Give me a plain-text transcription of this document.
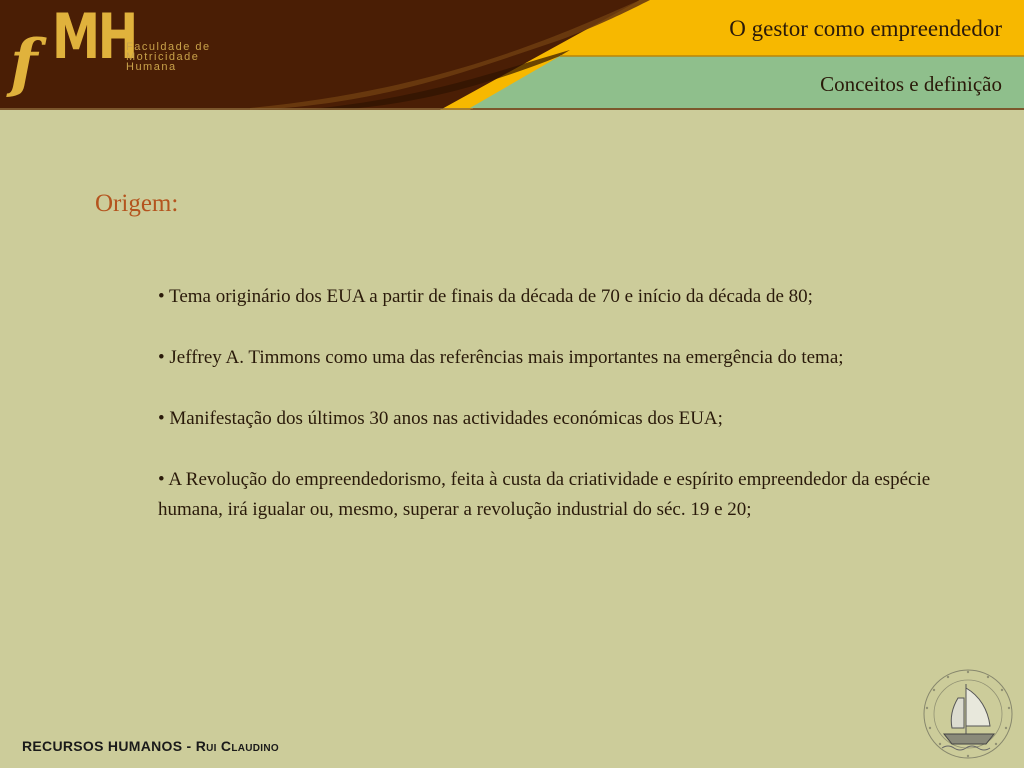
f MH
Faculdade de
Motricidade
Humana
O gestor como empreendedor
Conceitos e definição
Origem:
• Tema originário dos EUA a partir de finais da década de 70 e início da década de 80;
• Jeffrey A. Timmons como uma das referências mais importantes na emergência do tema;
• Manifestação dos últimos 30 anos nas actividades económicas dos EUA;
• A Revolução do empreendedorismo, feita à custa da criatividade e espírito empreendedor da espécie humana, irá igualar ou, mesmo, superar a revolução industrial do séc. 19 e 20;
RECURSOS HUMANOS - Rui Claudino
